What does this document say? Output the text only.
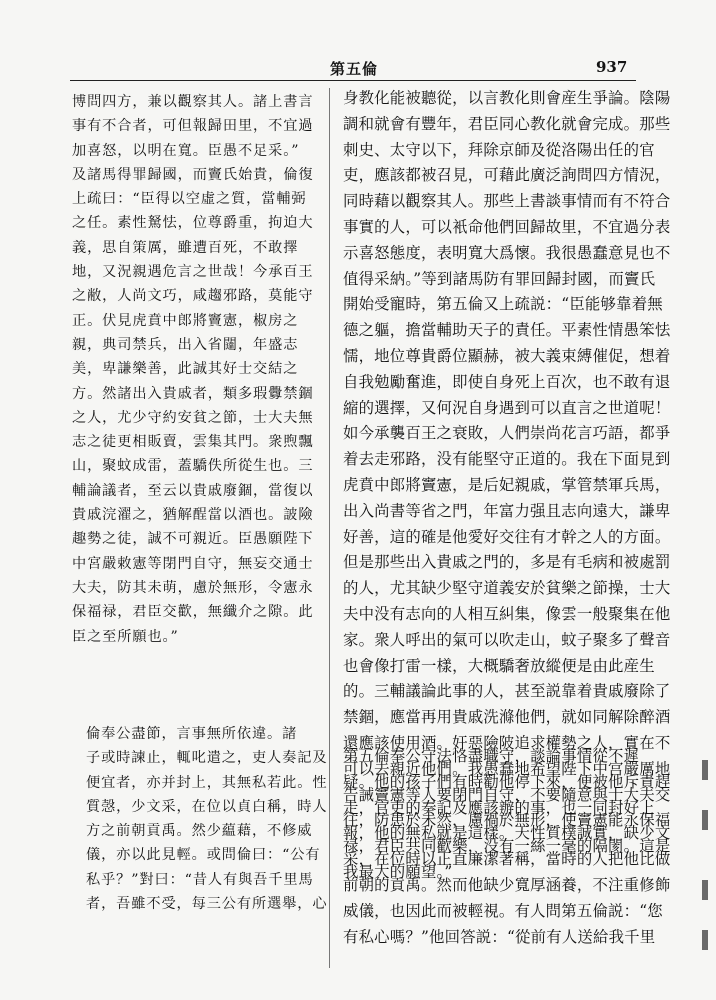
第五倫	937
博問四方，兼以觀察其人。諸上書言
事有不合者，可但報歸田里，不宜過
加喜怒，以明在寬。臣愚不足采。”
及諸馬得罪歸國，而竇氏始貴，倫復
上疏曰：“臣得以空虛之質，當輔弼
之任。素性駑怯，位尊爵重，拘迫大
義，思自策厲，雖遭百死，不敢擇
地，又況親遇危言之世哉！今承百王
之敝，人尚文巧，咸趨邪路，莫能守
正。伏見虎賁中郎將竇憲，椒房之
親，典司禁兵，出入省闥，年盛志
美，卑謙樂善，此誠其好士交結之
方。然諸出入貴戚者，類多瑕釁禁錮
之人，尤少守約安貧之節，士大夫無
志之徒更相販賣，雲集其門。衆煦飄
山，聚蚊成雷，蓋驕佚所從生也。三
輔論議者，至云以貴戚廢錮，當復以
貴戚浣濯之，猶解酲當以酒也。詖險
趣勢之徒，誠不可親近。臣愚願陛下
中宮嚴敕憲等閉門自守，無妄交通士
大夫，防其未萌，慮於無形，令憲永
保福禄，君臣交歡，無纖介之隙。此
臣之至所願也。”
倫奉公盡節，言事無所依違。諸
子或時諫止，輒叱遣之，吏人奏記及
便宜者，亦并封上，其無私若此。性
質愨，少文采，在位以貞白稱，時人
方之前朝貢禹。然少藴藉，不修威
儀，亦以此見輕。或問倫曰：“公有
私乎？”對曰：“昔人有與吾千里馬
者，吾雖不受，每三公有所選舉，心
身教化能被聽從，以言教化則會産生爭論。陰陽
調和就會有豐年，君臣同心教化就會完成。那些
刺史、太守以下，拜除京師及從洛陽出任的官
吏，應該都被召見，可藉此廣泛詢問四方情況，
同時藉以觀察其人。那些上書談事情而有不符合
事實的人，可以衹命他們回歸故里，不宜過分表
示喜怒態度，表明寬大爲懷。我很愚蠢意見也不
值得采納。”等到諸馬防有罪回歸封國，而竇氏
開始受寵時，第五倫又上疏説：“臣能够靠着無
德之軀，擔當輔助天子的責任。平素性情愚笨怯
懦，地位尊貴爵位顯赫，被大義束縛催促，想着
自我勉勵奮進，即使自身死上百次，也不敢有退
縮的選擇，又何況自身遇到可以直言之世道呢！
如今承襲百王之衰敗，人們崇尚花言巧語，都爭
着去走邪路，没有能堅守正道的。我在下面見到
虎賁中郎將竇憲，是后妃親戚，掌管禁軍兵馬，
出入尚書等省之門，年富力强且志向遠大，謙卑
好善，這的確是他愛好交往有才幹之人的方面。
但是那些出入貴戚之門的，多是有毛病和被處罰
的人，尤其缺少堅守道義安於貧樂之節操，士大
夫中没有志向的人相互糾集，像雲一般聚集在他
家。衆人呼出的氣可以吹走山，蚊子聚多了聲音
也會像打雷一樣，大概驕奢放縱便是由此産生
的。三輔議論此事的人，甚至説靠着貴戚廢除了
禁錮，應當再用貴戚洗滌他們，就如同解除醉酒
還應該使用酒。奸惡險陂追求權勢之人，實在不
可以去親近他們。我愚蠢地希望陛下中宫嚴厲地
告誡竇憲等人要閉門自守，不要隨意與士大夫交
往，防患於未然，慮禍於無形，使竇憲能永保福
禄，君臣共同歡樂，没有一絲一毫的隔閡。這是
我最大的願望。”
第五倫奉公守法恪盡職守，談論事情從不遲
疑。他的孩子們有時勸他停下來，便被他斥責趕
走，官吏的奏記及應該辦的事，也一同封好上
報，他的無私就是這樣。天性質樸誠實，缺少文
采，在位時以正直廉潔著稱，當時的人把他比做
前朝的貢禹。然而他缺少寬厚涵養，不注重修飾
威儀，也因此而被輕視。有人問第五倫説：“您
有私心嗎？”他回答説：“從前有人送給我千里
